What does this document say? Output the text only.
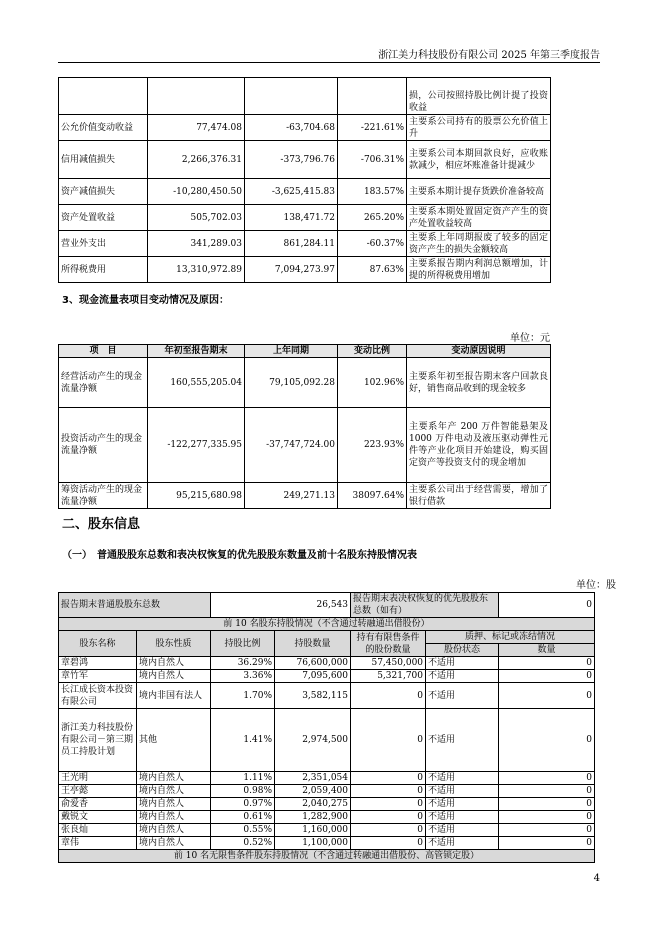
浙江美力科技股份有限公司 2025 年第三季度报告
				损，公司按照持股比例计提了投资收益
公允价值变动收益	77,474.08	-63,704.68	-221.61%	主要系公司持有的股票公允价值上升
信用减值损失	2,266,376.31	-373,796.76	-706.31%	主要系公司本期回款良好，应收账款减少，相应坏账准备计提减少
资产减值损失	-10,280,450.50	-3,625,415.83	183.57%	主要系本期计提存货跌价准备较高
资产处置收益	505,702.03	138,471.72	265.20%	主要系本期处置固定资产产生的资产处置收益较高
营业外支出	341,289.03	861,284.11	-60.37%	主要系上年同期报废了较多的固定资产产生的损失金额较高
所得税费用	13,310,972.89	7,094,273.97	87.63%	主要系报告期内利润总额增加，计提的所得税费用增加
3、现金流量表项目变动情况及原因：
单位：元
项　目	年初至报告期末	上年同期	变动比例	变动原因说明
经营活动产生的现金流量净额	160,555,205.04	79,105,092.28	102.96%	主要系年初至报告期末客户回款良好，销售商品收到的现金较多
投资活动产生的现金流量净额	-122,277,335.95	-37,747,724.00	223.93%	主要系年产 200 万件智能悬架及 1000 万件电动及液压驱动弹性元件等产业化项目开始建设，购买固定资产等投资支付的现金增加
筹资活动产生的现金流量净额	95,215,680.98	249,271.13	38097.64%	主要系公司出于经营需要，增加了银行借款
二、股东信息
（一）　普通股股东总数和表决权恢复的优先股股东数量及前十名股东持股情况表
单位：股
报告期末普通股股东总数		26,543		报告期末表决权恢复的优先股股东总数（如有）		0
前 10 名股东持股情况（不含通过转融通出借股份）						
股东名称	股东性质	持股比例	持股数量	持有有限售条件的股份数量	质押、标记或冻结情况	
					股份状态	数量
章碧鸿	境内自然人	36.29%	76,600,000	57,450,000	不适用	0
章竹军	境内自然人	3.36%	7,095,600	5,321,700	不适用	0
长江成长资本投资有限公司	境内非国有法人	1.70%	3,582,115	0	不适用	0
浙江美力科技股份有限公司－第三期员工持股计划	其他	1.41%	2,974,500	0	不适用	0
王光明	境内自然人	1.11%	2,351,054	0	不适用	0
王亭懿	境内自然人	0.98%	2,059,400	0	不适用	0
俞爱香	境内自然人	0.97%	2,040,275	0	不适用	0
戴锐文	境内自然人	0.61%	1,282,900	0	不适用	0
张良灿	境内自然人	0.55%	1,160,000	0	不适用	0
章伟	境内自然人	0.52%	1,100,000	0	不适用	0
前 10 名无限售条件股东持股情况（不含通过转融通出借股份、高管锁定股）						
4
